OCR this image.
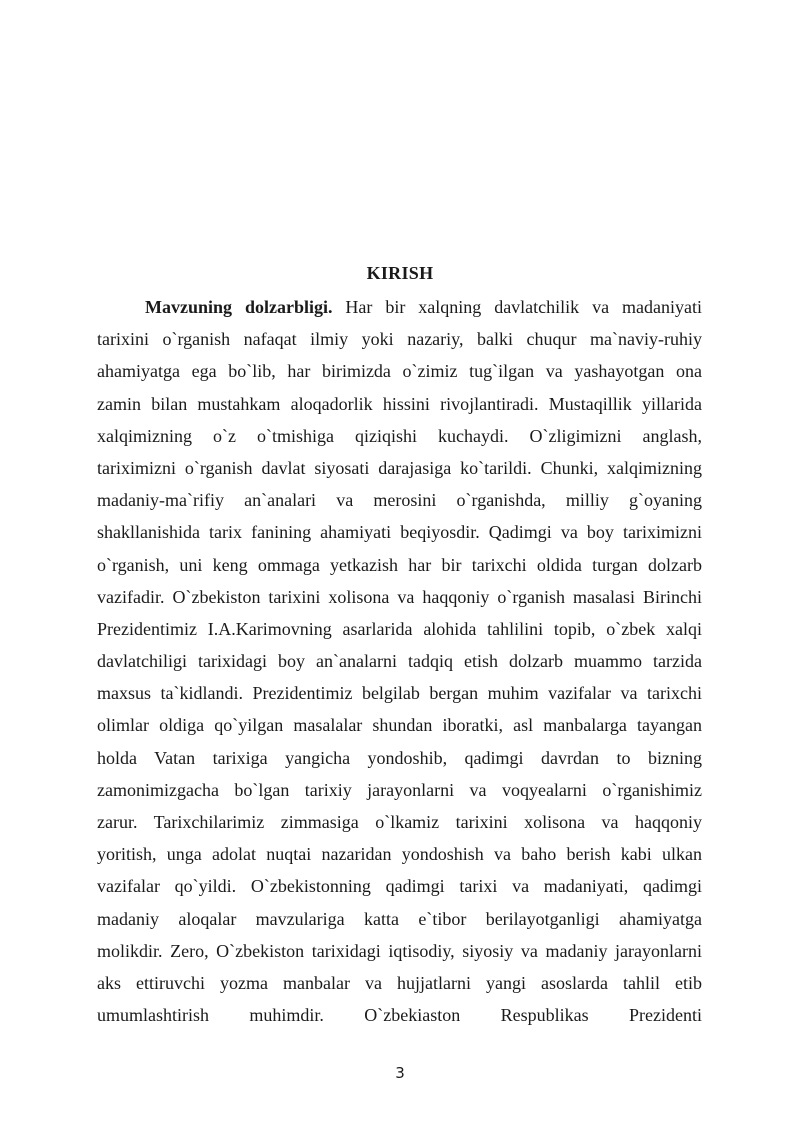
KIRISH
Mavzuning dolzarbligi. Har bir xalqning davlatchilik va madaniyati
tarixini o`rganish nafaqat ilmiy yoki nazariy, balki chuqur ma`naviy-ruhiy
ahamiyatga ega bo`lib, har birimizda o`zimiz tug`ilgan va yashayotgan ona
zamin bilan mustahkam aloqadorlik hissini rivojlantiradi. Mustaqillik yillarida
xalqimizning o`z o`tmishiga qiziqishi kuchaydi. O`zligimizni anglash,
tariximizni o`rganish davlat siyosati darajasiga ko`tarildi. Chunki, xalqimizning
madaniy-ma`rifiy an`analari va merosini o`rganishda, milliy g`oyaning
shakllanishida tarix fanining ahamiyati beqiyosdir. Qadimgi va boy tariximizni
o`rganish, uni keng ommaga yetkazish har bir tarixchi oldida turgan dolzarb
vazifadir. O`zbekiston tarixini xolisona va haqqoniy o`rganish masalasi Birinchi
Prezidentimiz I.A.Karimovning asarlarida alohida tahlilini topib, o`zbek xalqi
davlatchiligi tarixidagi boy an`analarni tadqiq etish dolzarb muammo tarzida
maxsus ta`kidlandi. Prezidentimiz belgilab bergan muhim vazifalar va tarixchi
olimlar oldiga qo`yilgan masalalar shundan iboratki, asl manbalarga tayangan
holda Vatan tarixiga yangicha yondoshib, qadimgi davrdan to bizning
zamonimizgacha bo`lgan tarixiy jarayonlarni va voqyealarni o`rganishimiz
zarur. Tarixchilarimiz zimmasiga o`lkamiz tarixini xolisona va haqqoniy
yoritish, unga adolat nuqtai nazaridan yondoshish va baho berish kabi ulkan
vazifalar qo`yildi. O`zbekistonning qadimgi tarixi va madaniyati, qadimgi
madaniy aloqalar mavzulariga katta e`tibor berilayotganligi ahamiyatga
molikdir. Zero, O`zbekiston tarixidagi iqtisodiy, siyosiy va madaniy jarayonlarni
aks ettiruvchi yozma manbalar va hujjatlarni yangi asoslarda tahlil etib
umumlashtirish muhimdir. O`zbekiaston Respublikas Prezidenti
3
